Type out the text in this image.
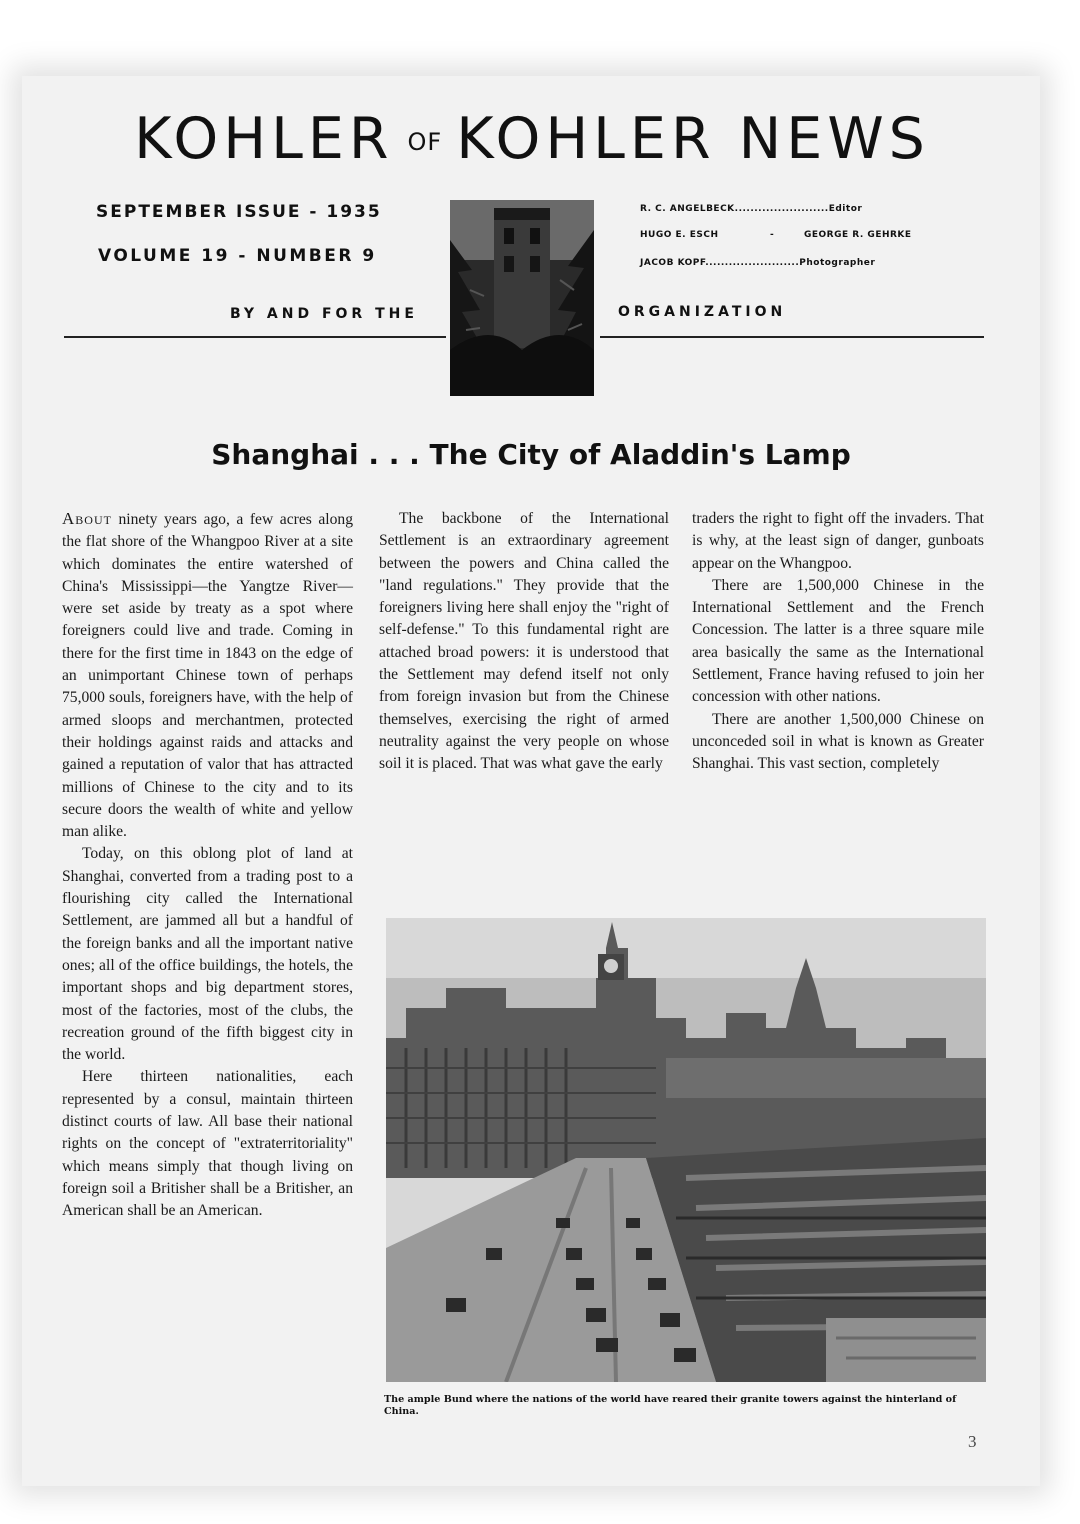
KOHLER OF KOHLER NEWS
SEPTEMBER ISSUE - 1935
VOLUME 19 - NUMBER 9
BY AND FOR THE	ORGANIZATION
R. C. ANGELBECK........................Editor
HUGO E. ESCH	-	GEORGE R. GEHRKE
JACOB KOPF........................Photographer
Shanghai . . . The City of Aladdin's Lamp

About ninety years ago, a few acres along the flat shore of the Whangpoo River at a site which dominates the entire watershed of China's Mississippi—the Yangtze River—were set aside by treaty as a spot where foreigners could live and trade. Coming in there for the first time in 1843 on the edge of an unimportant Chinese town of perhaps 75,000 souls, foreigners have, with the help of armed sloops and merchantmen, protected their holdings against raids and attacks and gained a reputation of valor that has attracted millions of Chinese to the city and to its secure doors the wealth of white and yellow man alike.

Today, on this oblong plot of land at Shanghai, converted from a trading post to a flourishing city called the International Settlement, are jammed all but a handful of the foreign banks and all the important native ones; all of the office buildings, the hotels, the important shops and big department stores, most of the factories, most of the clubs, the recreation ground of the fifth biggest city in the world.

Here thirteen nationalities, each represented by a consul, maintain thirteen distinct courts of law. All base their national rights on the concept of "extraterritoriality" which means simply that though living on foreign soil a Britisher shall be a Britisher, an American shall be an American.

The backbone of the International Settlement is an extraordinary agreement between the powers and China called the "land regulations." They provide that the foreigners living here shall enjoy the "right of self-defense." To this fundamental right are attached broad powers: it is understood that the Settlement may defend itself not only from foreign invasion but from the Chinese themselves, exercising the right of armed neutrality against the very people on whose soil it is placed. That was what gave the early

traders the right to fight off the invaders. That is why, at the least sign of danger, gunboats appear on the Whangpoo.

There are 1,500,000 Chinese in the International Settlement and the French Concession. The latter is a three square mile area basically the same as the International Settlement, France having refused to join her concession with other nations.

There are another 1,500,000 Chinese on unconceded soil in what is known as Greater Shanghai. This vast section, completely

The ample Bund where the nations of the world have reared their granite towers against the hinterland of China.
3
